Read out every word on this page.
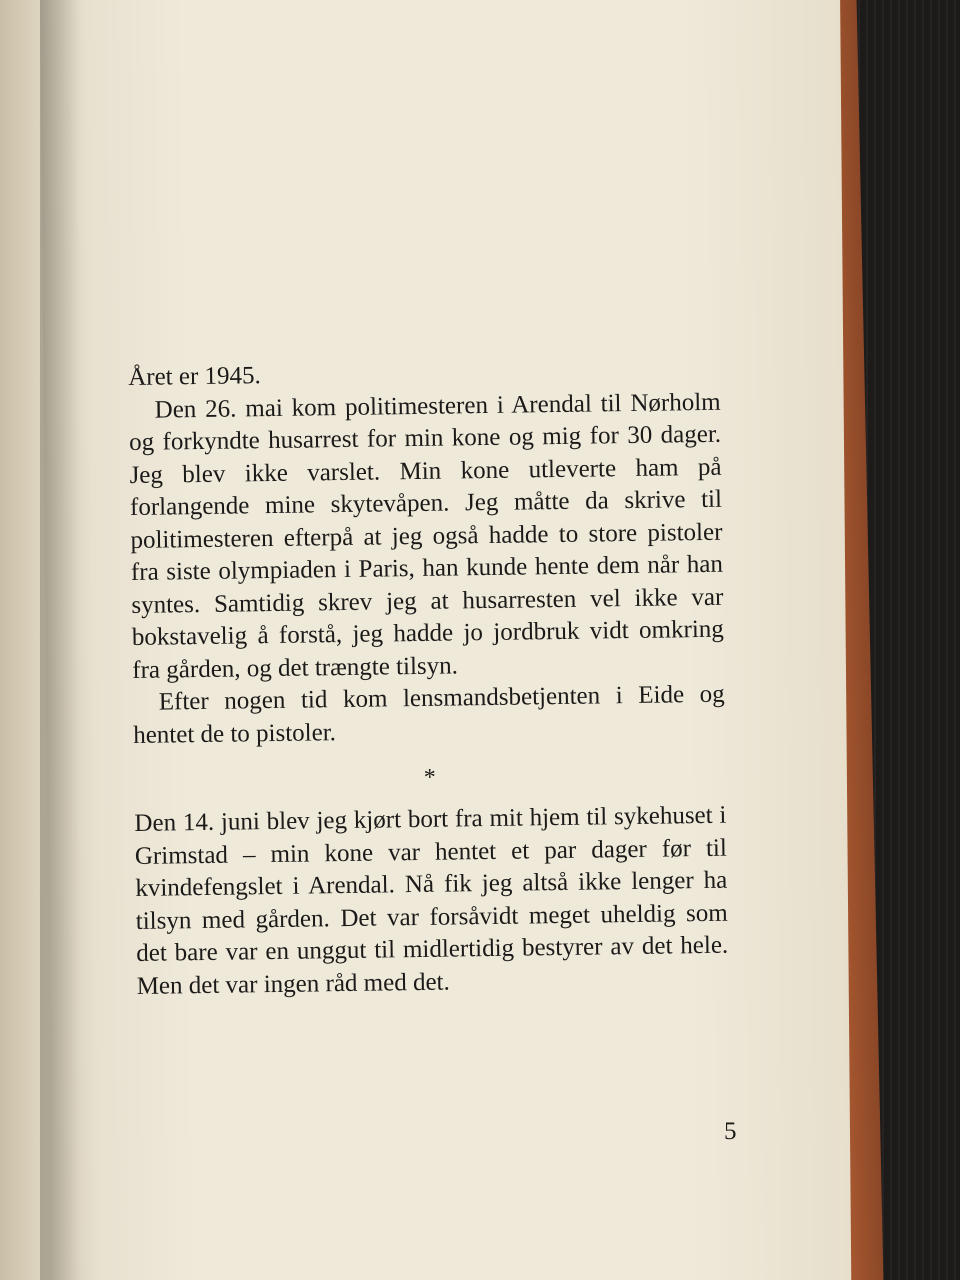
Året er 1945.

Den 26. mai kom politimesteren i Arendal til Nørholm og forkyndte husarrest for min kone og mig for 30 dager. Jeg blev ikke varslet. Min kone utleverte ham på forlangende mine skytevåpen. Jeg måtte da skrive til politimesteren efterpå at jeg også hadde to store pistoler fra siste olympiaden i Paris, han kunde hente dem når han syntes. Samtidig skrev jeg at husarresten vel ikke var bokstavelig å forstå, jeg hadde jo jordbruk vidt omkring fra gården, og det trængte tilsyn.

Efter nogen tid kom lensmandsbetjenten i Eide og hentet de to pistoler.

*

Den 14. juni blev jeg kjørt bort fra mit hjem til sykehuset i Grimstad – min kone var hentet et par dager før til kvindefengslet i Arendal. Nå fik jeg altså ikke lenger ha tilsyn med gården. Det var forsåvidt meget uheldig som det bare var en unggut til midlertidig bestyrer av det hele. Men det var ingen råd med det.

5
